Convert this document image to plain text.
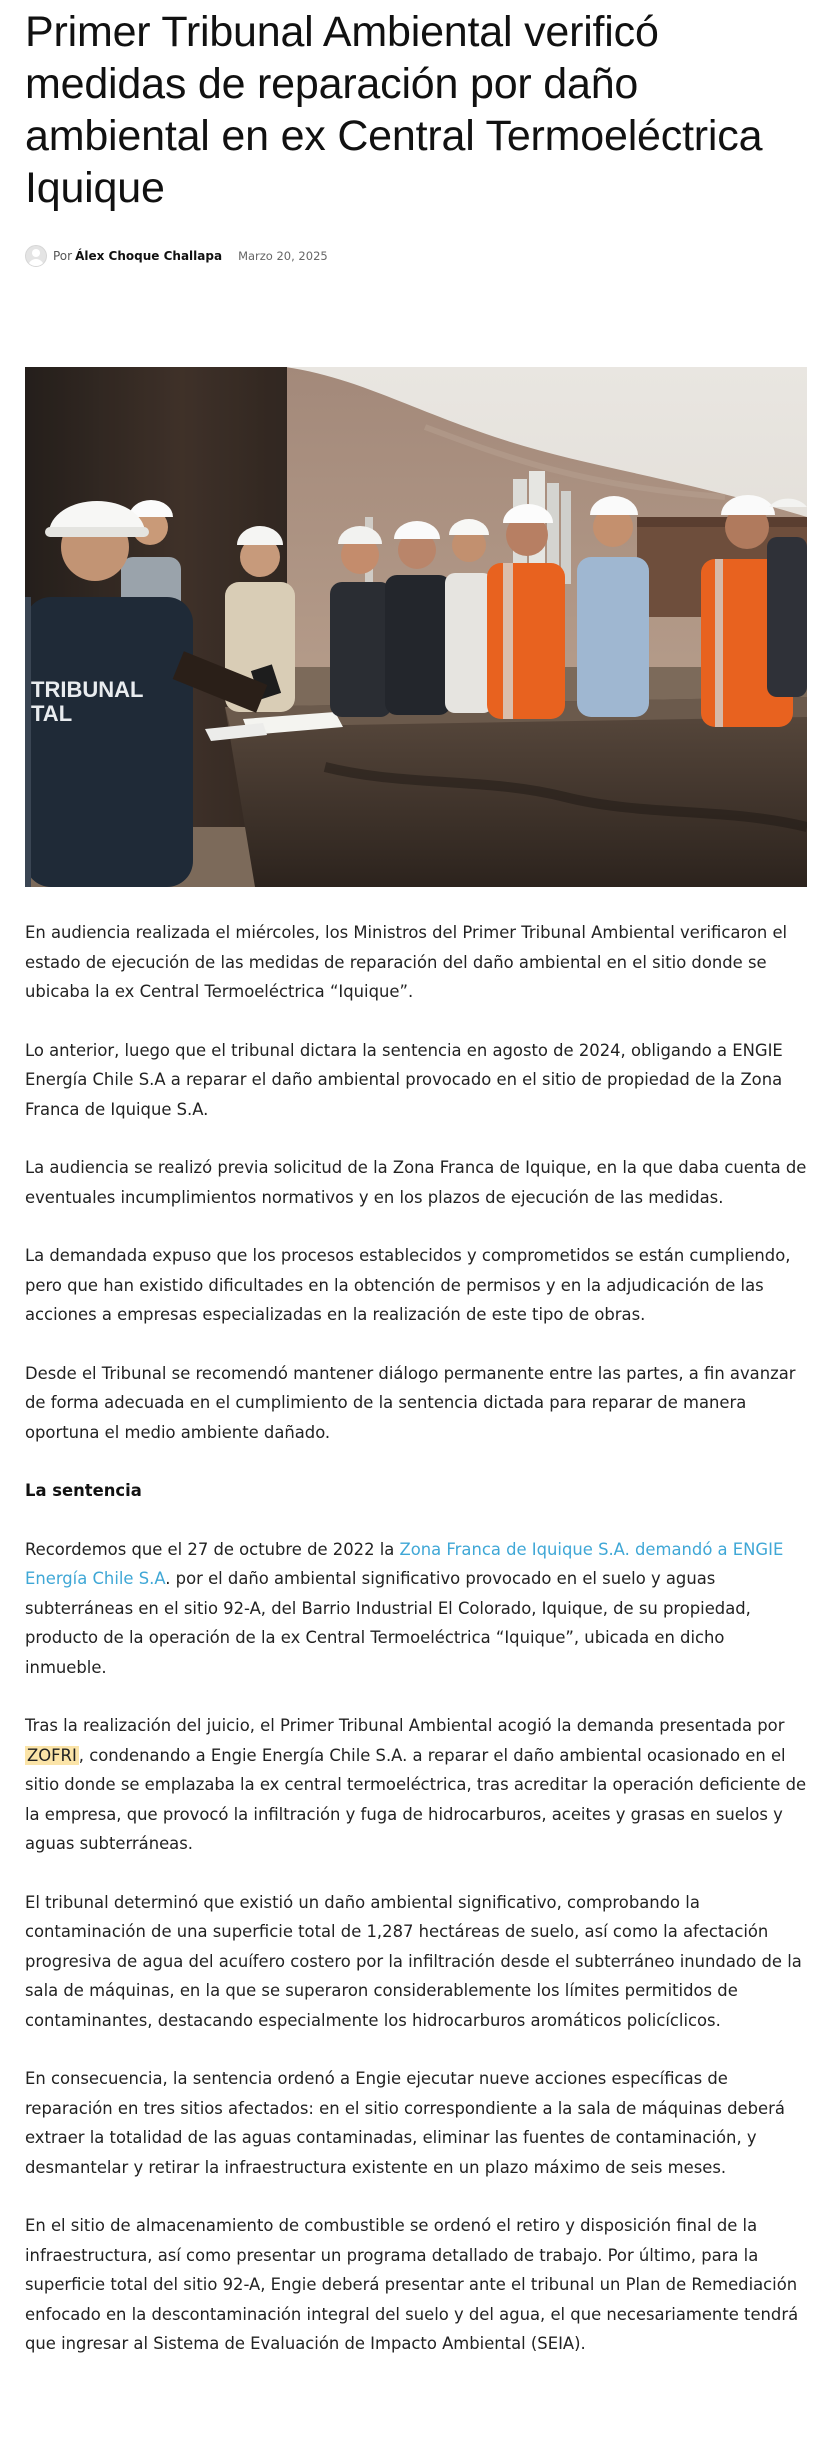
Primer Tribunal Ambiental verificó medidas de reparación por daño ambiental en ex Central Termoeléctrica Iquique
Por Álex Choque Challapa Marzo 20, 2025
TRIBUNAL TAL

En audiencia realizada el miércoles, los Ministros del Primer Tribunal Ambiental verificaron el estado de ejecución de las medidas de reparación del daño ambiental en el sitio donde se ubicaba la ex Central Termoeléctrica “Iquique”.

Lo anterior, luego que el tribunal dictara la sentencia en agosto de 2024, obligando a ENGIE Energía Chile S.A a reparar el daño ambiental provocado en el sitio de propiedad de la Zona Franca de Iquique S.A.

La audiencia se realizó previa solicitud de la Zona Franca de Iquique, en la que daba cuenta de eventuales incumplimientos normativos y en los plazos de ejecución de las medidas.

La demandada expuso que los procesos establecidos y comprometidos se están cumpliendo, pero que han existido dificultades en la obtención de permisos y en la adjudicación de las acciones a empresas especializadas en la realización de este tipo de obras.

Desde el Tribunal se recomendó mantener diálogo permanente entre las partes, a fin avanzar de forma adecuada en el cumplimiento de la sentencia dictada para reparar de manera oportuna el medio ambiente dañado.

La sentencia

Recordemos que el 27 de octubre de 2022 la Zona Franca de Iquique S.A. demandó a ENGIE Energía Chile S.A. por el daño ambiental significativo provocado en el suelo y aguas subterráneas en el sitio 92-A, del Barrio Industrial El Colorado, Iquique, de su propiedad, producto de la operación de la ex Central Termoeléctrica “Iquique”, ubicada en dicho inmueble.

Tras la realización del juicio, el Primer Tribunal Ambiental acogió la demanda presentada por ZOFRI , condenando a Engie Energía Chile S.A. a reparar el daño ambiental ocasionado en el sitio donde se emplazaba la ex central termoeléctrica, tras acreditar la operación deficiente de la empresa, que provocó la infiltración y fuga de hidrocarburos, aceites y grasas en suelos y aguas subterráneas.

El tribunal determinó que existió un daño ambiental significativo, comprobando la contaminación de una superficie total de 1,287 hectáreas de suelo, así como la afectación progresiva de agua del acuífero costero por la infiltración desde el subterráneo inundado de la sala de máquinas, en la que se superaron considerablemente los límites permitidos de contaminantes, destacando especialmente los hidrocarburos aromáticos policíclicos.

En consecuencia, la sentencia ordenó a Engie ejecutar nueve acciones específicas de reparación en tres sitios afectados: en el sitio correspondiente a la sala de máquinas deberá extraer la totalidad de las aguas contaminadas, eliminar las fuentes de contaminación, y desmantelar y retirar la infraestructura existente en un plazo máximo de seis meses.

En el sitio de almacenamiento de combustible se ordenó el retiro y disposición final de la infraestructura, así como presentar un programa detallado de trabajo. Por último, para la superficie total del sitio 92-A, Engie deberá presentar ante el tribunal un Plan de Remediación enfocado en la descontaminación integral del suelo y del agua, el que necesariamente tendrá que ingresar al Sistema de Evaluación de Impacto Ambiental (SEIA).
